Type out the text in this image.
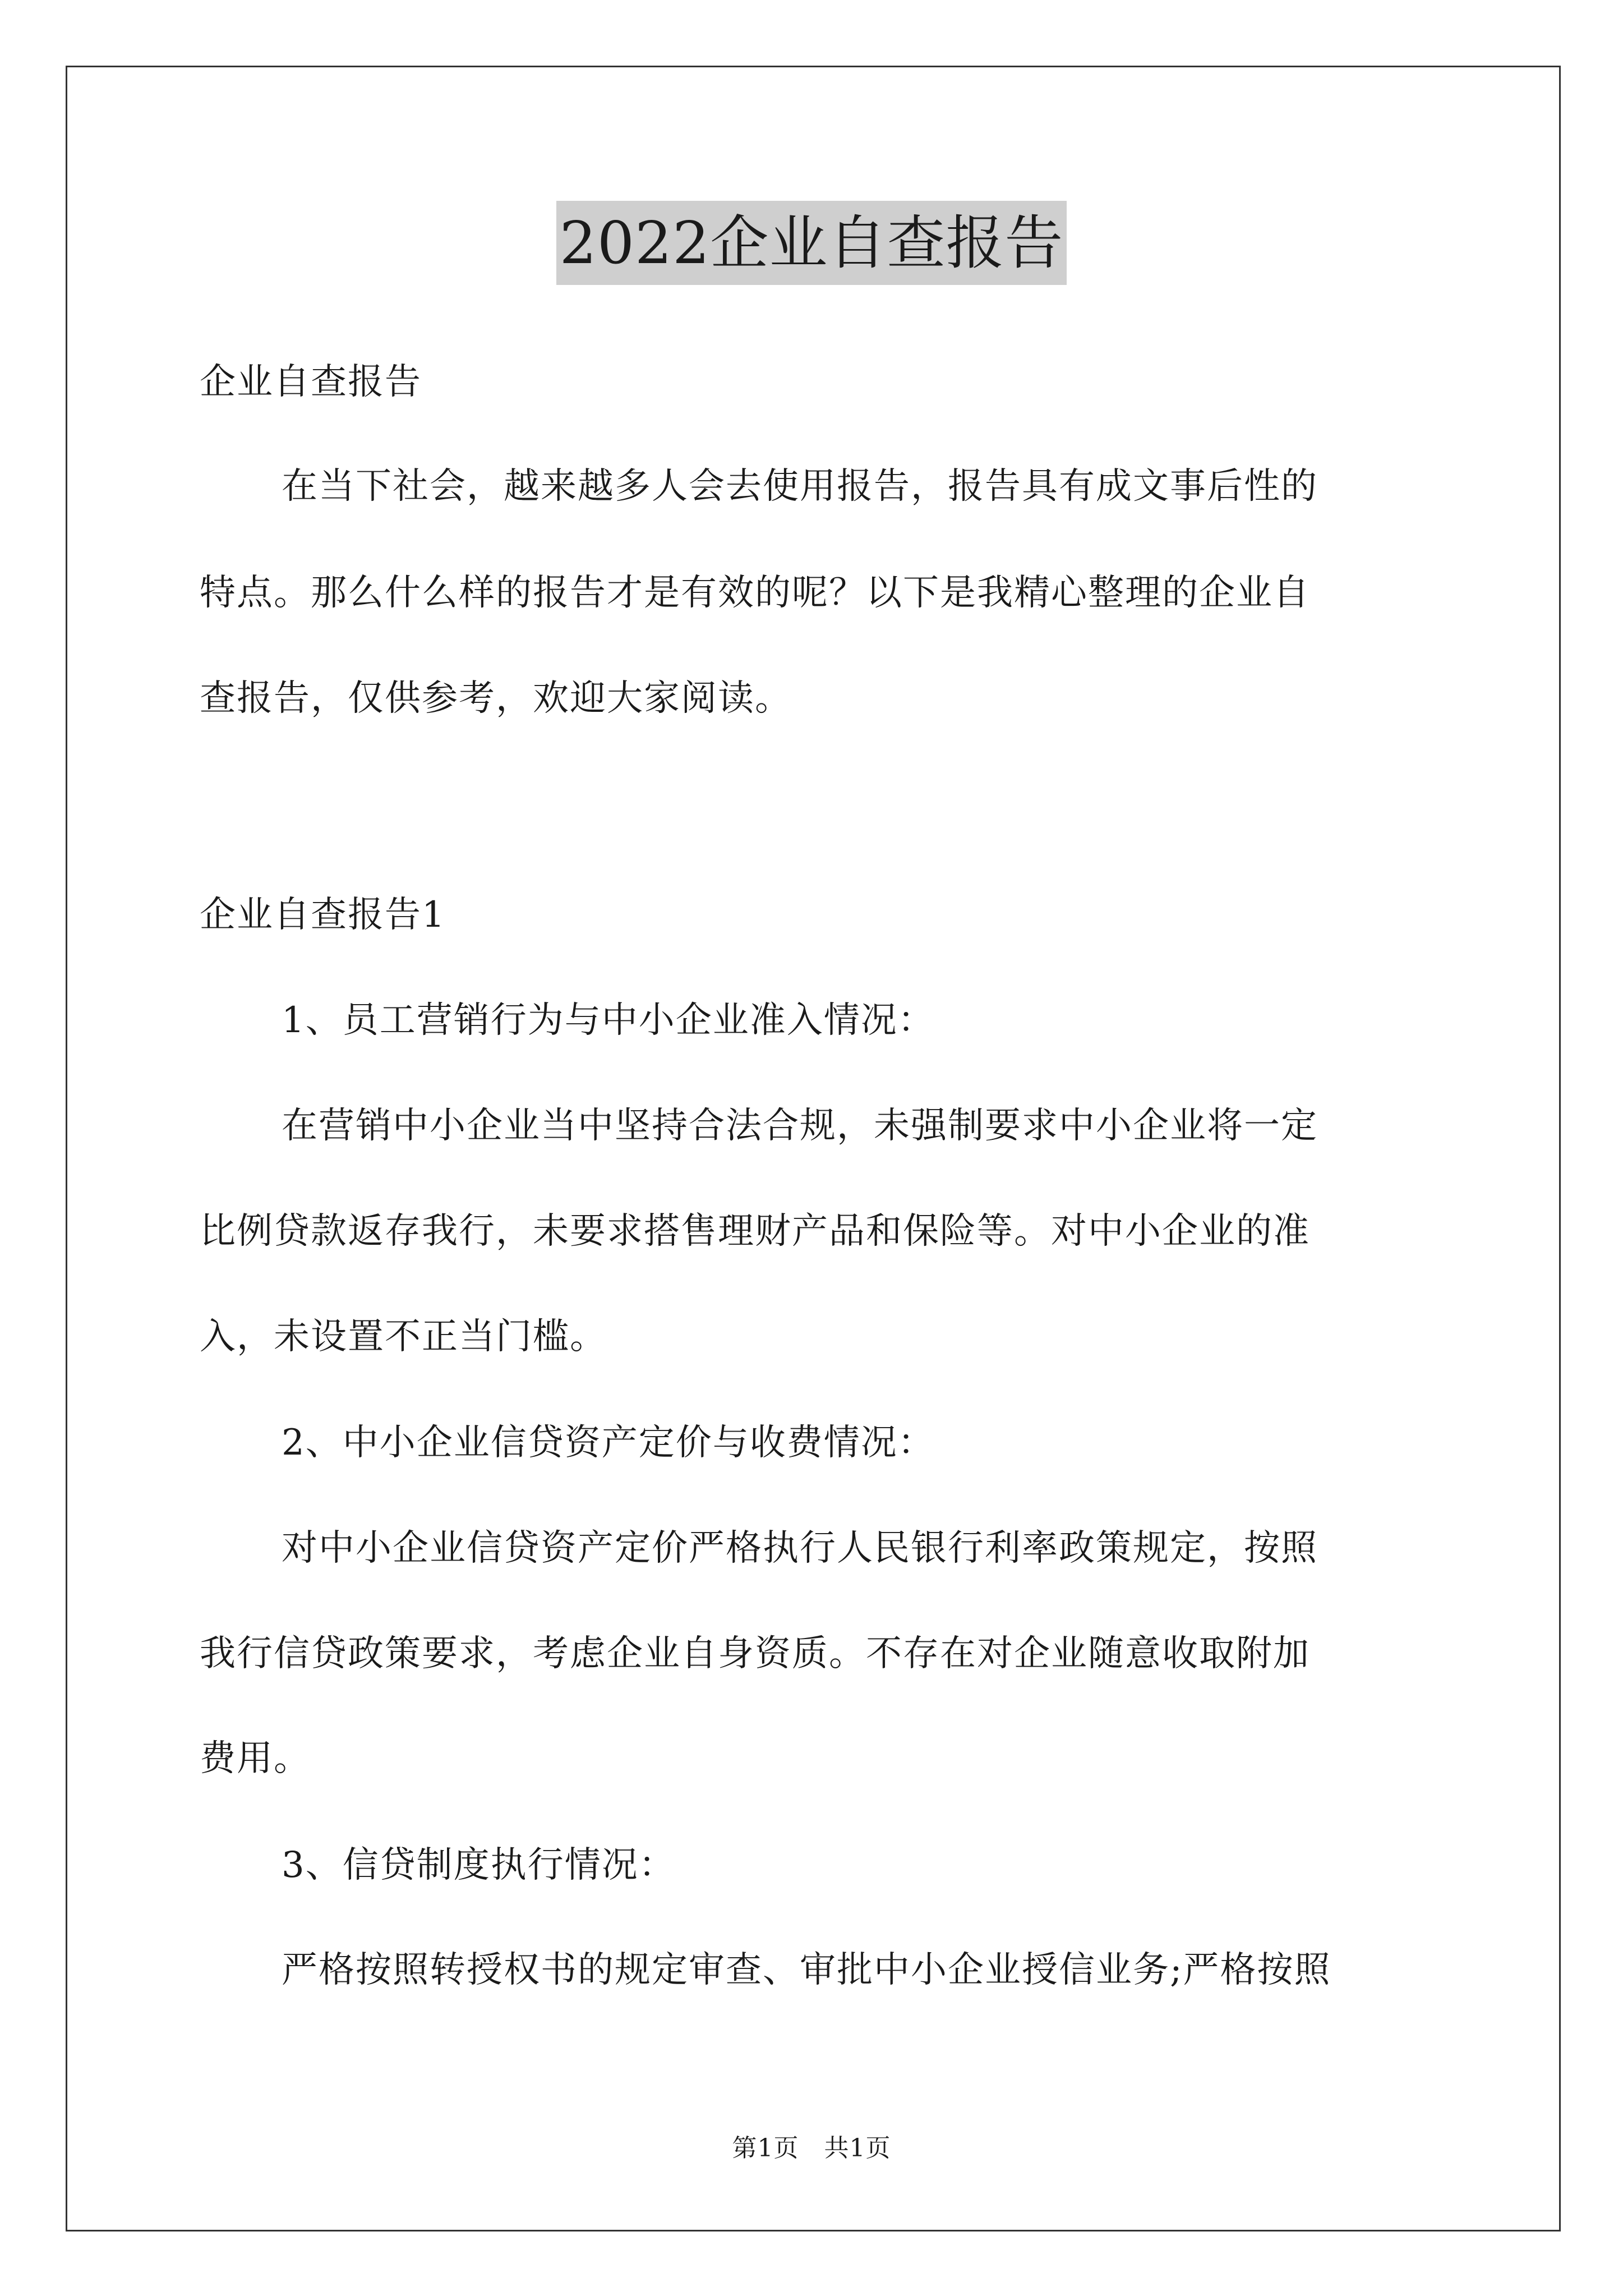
2022企业自查报告
企业自查报告
在当下社会，越来越多人会去使用报告，报告具有成文事后性的
特点。那么什么样的报告才是有效的呢？以下是我精心整理的企业自
查报告，仅供参考，欢迎大家阅读。
企业自查报告1
1、员工营销行为与中小企业准入情况：
在营销中小企业当中坚持合法合规，未强制要求中小企业将一定
比例贷款返存我行，未要求搭售理财产品和保险等。对中小企业的准
入，未设置不正当门槛。
2、中小企业信贷资产定价与收费情况：
对中小企业信贷资产定价严格执行人民银行利率政策规定，按照
我行信贷政策要求，考虑企业自身资质。不存在对企业随意收取附加
费用。
3、信贷制度执行情况：
严格按照转授权书的规定审查、审批中小企业授信业务;严格按照
第1页　共1页
